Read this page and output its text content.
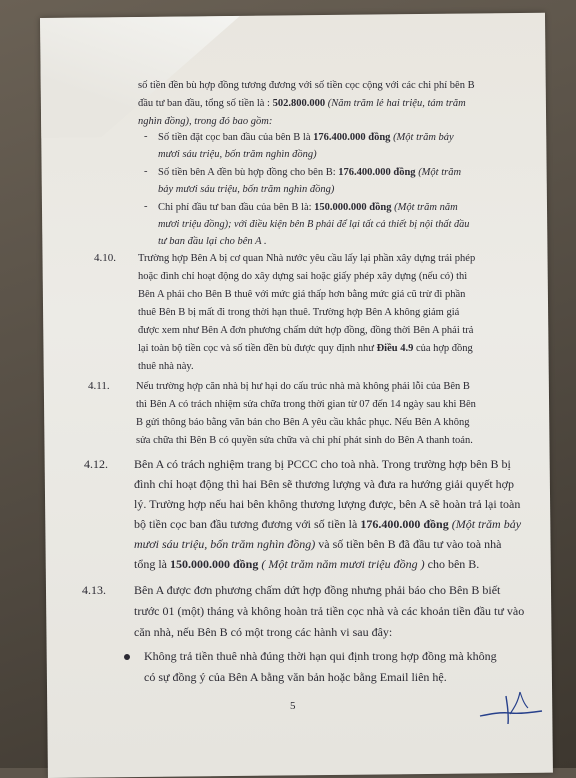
số tiền đền bù hợp đồng tương đương với số tiền cọc cộng với các chi phí bên B
đầu tư ban đầu, tổng số tiền là : 502.800.000 (Năm trăm lẻ hai triệu, tám trăm
nghìn đồng), trong đó bao gồm:
- Số tiền đặt cọc ban đầu của bên B là 176.400.000 đồng (Một trăm bảy
mươi sáu triệu, bốn trăm nghìn đồng)
- Số tiền bên A đền bù hợp đồng cho bên B: 176.400.000 đồng (Một trăm
bảy mươi sáu triệu, bốn trăm nghìn đồng)
- Chi phí đầu tư ban đầu của bên B là: 150.000.000 đồng (Một trăm năm
mươi triệu đồng); với điều kiện bên B phải để lại tất cả thiết bị nội thất đầu
tư ban đầu lại cho bên A .
4.10. Trường hợp Bên A bị cơ quan Nhà nước yêu cầu lấy lại phần xây dựng trái phép
hoặc đình chỉ hoạt động do xây dựng sai hoặc giấy phép xây dựng (nếu có) thì
Bên A phải cho Bên B thuê với mức giá thấp hơn bằng mức giá cũ trừ đi phần
thuê Bên B bị mất đi trong thời hạn thuê. Trường hợp Bên A không giảm giá
được xem như Bên A đơn phương chấm dứt hợp đồng, đồng thời Bên A phải trả
lại toàn bộ tiền cọc và số tiền đền bù được quy định như Điều 4.9 của hợp đồng
thuê nhà này.
4.11.	Nếu trường hợp căn nhà bị hư hại do cấu trúc nhà mà không phải lỗi của Bên B
thì Bên A có trách nhiệm sửa chữa trong thời gian từ 07 đến 14 ngày sau khi Bên
B gửi thông báo bằng văn bản cho Bên A yêu cầu khắc phục. Nếu Bên A không
sửa chữa thì Bên B có quyền sửa chữa và chi phí phát sinh do Bên A thanh toán.
4.12. Bên A có trách nghiệm trang bị PCCC cho toà nhà. Trong trường hợp bên B bị
đình chỉ hoạt động thì hai Bên sẽ thương lượng và đưa ra hướng giải quyết hợp
lý. Trường hợp nếu hai bên không thương lượng được, bên A sẽ hoàn trả lại toàn
bộ tiền cọc ban đầu tương đương với số tiền là 176.400.000 đồng (Một trăm bảy
mươi sáu triệu, bốn trăm nghìn đồng) và số tiền bên B đã đầu tư vào toà nhà
tổng là 150.000.000 đồng ( Một trăm năm mươi triệu đồng ) cho bên B.
4.13. Bên A được đơn phương chấm dứt hợp đồng nhưng phải báo cho Bên B biết
trước 01 (một) tháng và không hoàn trả tiền cọc nhà và các khoản tiền đầu tư vào
căn nhà, nếu Bên B có một trong các hành vi sau đây:
Không trả tiền thuê nhà đúng thời hạn qui định trong hợp đồng mà không
có sự đồng ý của Bên A bằng văn bản hoặc bằng Email liên hệ.
5
